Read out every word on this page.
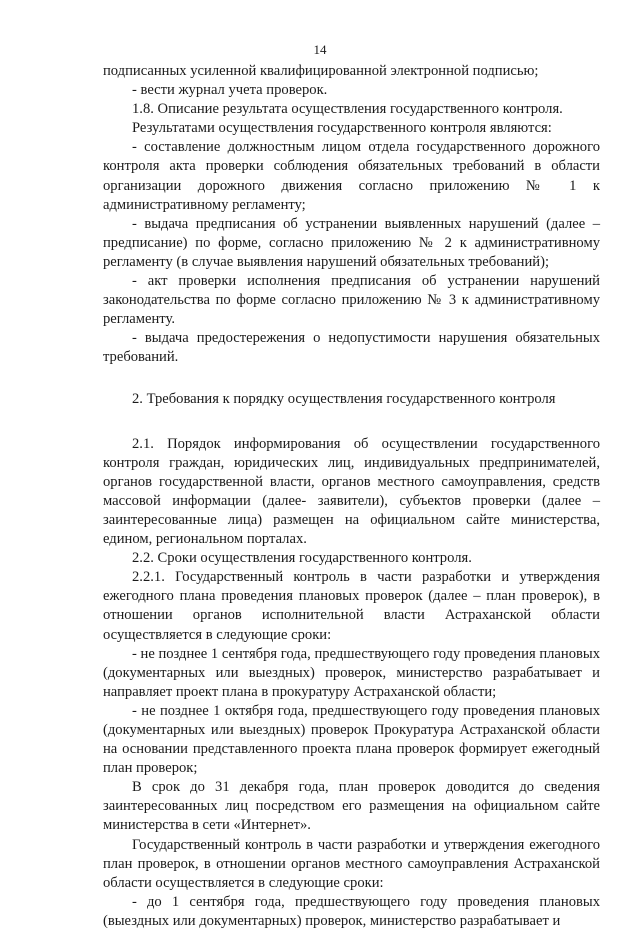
14

подписанных усиленной квалифицированной электронной подписью;

- вести журнал учета проверок.

1.8. Описание результата осуществления государственного контроля.

Результатами осуществления государственного контроля являются:

- составление должностным лицом отдела государственного дорожного контроля акта проверки соблюдения обязательных требований в области организации дорожного движения согласно приложению № 1 к административному регламенту;

- выдача предписания об устранении выявленных нарушений (далее – предписание) по форме, согласно приложению № 2 к административному регламенту (в случае выявления нарушений обязательных требований);

- акт проверки исполнения предписания об устранении нарушений законодательства по форме согласно приложению № 3 к административному регламенту.

- выдача предостережения о недопустимости нарушения обязательных требований.

2. Требования к порядку осуществления государственного контроля

2.1. Порядок информирования об осуществлении государственного контроля граждан, юридических лиц, индивидуальных предпринимателей, органов государственной власти, органов местного самоуправления, средств массовой информации (далее- заявители), субъектов проверки (далее – заинтересованные лица) размещен на официальном сайте министерства, едином, региональном порталах.

2.2. Сроки осуществления государственного контроля.

2.2.1. Государственный контроль в части разработки и утверждения ежегодного плана проведения плановых проверок (далее – план проверок), в отношении органов исполнительной власти Астраханской области осуществляется в следующие сроки:

- не позднее 1 сентября года, предшествующего году проведения плановых (документарных или выездных) проверок, министерство разрабатывает и направляет проект плана в прокуратуру Астраханской области;

- не позднее 1 октября года, предшествующего году проведения плановых (документарных или выездных) проверок Прокуратура Астраханской области на основании представленного проекта плана проверок формирует ежегодный план проверок;

В срок до 31 декабря года, план проверок доводится до сведения заинтересованных лиц посредством его размещения на официальном сайте министерства в сети «Интернет».

Государственный контроль в части разработки и утверждения ежегодного план проверок, в отношении органов местного самоуправления Астраханской области осуществляется в следующие сроки:

- до 1 сентября года, предшествующего году проведения плановых (выездных или документарных) проверок, министерство разрабатывает и
